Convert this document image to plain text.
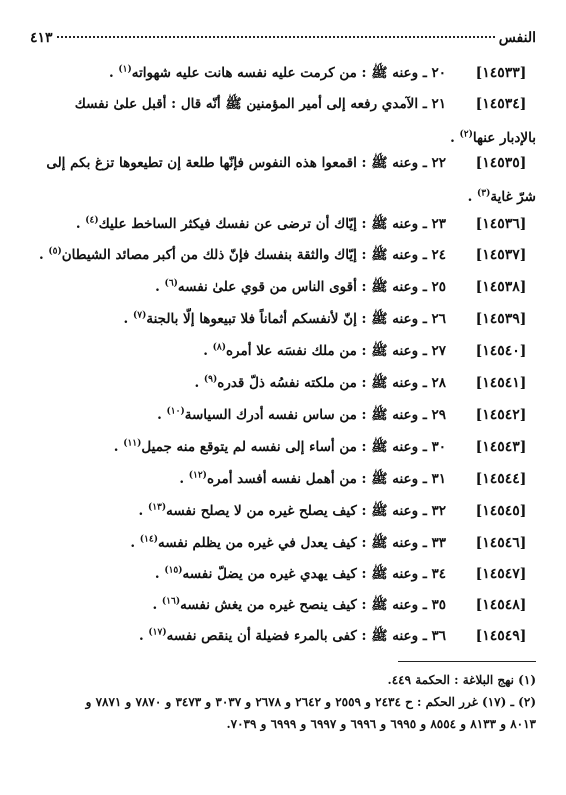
النفس
٤١٣
[١٤٥٣٣]
٢٠ ـ وعنه ﷺ : من كرمت عليه نفسه هانت عليه شهواته$^{(١)}$ .
[١٤٥٣٤]
٢١ ـ الآمدي رفعه إلى أمير المؤمنين ﷺ أنّه قال : أقبل علىٰ نفسك
بالإدبار عنها$^{(٢)}$ .
[١٤٥٣٥]
٢٢ ـ وعنه ﷺ : اقمعوا هذه النفوس فإنّها طلعة إن تطيعوها تزغ بكم إلى
شرّ غاية$^{(٣)}$ .
[١٤٥٣٦]
٢٣ ـ وعنه ﷺ : إيّاك أن ترضى عن نفسك فيكثر الساخط عليك$^{(٤)}$ .
[١٤٥٣٧]
٢٤ ـ وعنه ﷺ : إيّاك والثقة بنفسك فإنّ ذلك من أكبر مصائد الشيطان$^{(٥)}$ .
[١٤٥٣٨]
٢٥ ـ وعنه ﷺ : أقوى الناس من قوي علىٰ نفسه$^{(٦)}$ .
[١٤٥٣٩]
٢٦ ـ وعنه ﷺ : إنّ لأنفسكم أثماناً فلا تبيعوها إلّا بالجنة$^{(٧)}$ .
[١٤٥٤٠]
٢٧ ـ وعنه ﷺ : من ملك نفسَه علا أمره$^{(٨)}$ .
[١٤٥٤١]
٢٨ ـ وعنه ﷺ : من ملكته نفسُه ذلّ قدره$^{(٩)}$ .
[١٤٥٤٢]
٢٩ ـ وعنه ﷺ : من ساس نفسه أدرك السياسة$^{(١٠)}$ .
[١٤٥٤٣]
٣٠ ـ وعنه ﷺ : من أساء إلى نفسه لم يتوقع منه جميل$^{(١١)}$ .
[١٤٥٤٤]
٣١ ـ وعنه ﷺ : من أهمل نفسه أفسد أمره$^{(١٢)}$ .
[١٤٥٤٥]
٣٢ ـ وعنه ﷺ : كيف يصلح غيره من لا يصلح نفسه$^{(١٣)}$ .
[١٤٥٤٦]
٣٣ ـ وعنه ﷺ : كيف يعدل في غيره من يظلم نفسه$^{(١٤)}$ .
[١٤٥٤٧]
٣٤ ـ وعنه ﷺ : كيف يهدي غيره من يضلّ نفسه$^{(١٥)}$ .
[١٤٥٤٨]
٣٥ ـ وعنه ﷺ : كيف ينصح غيره من يغش نفسه$^{(١٦)}$ .
[١٤٥٤٩]
٣٦ ـ وعنه ﷺ : كفى بالمرء فضيلة أن ينقص نفسه$^{(١٧)}$ .
(١) نهج البلاغة : الحكمة ٤٤٩.
(٢) ـ (١٧) غرر الحكم : ح ٢٤٣٤ و ٢٥٥٩ و ٢٦٤٢ و ٢٦٧٨ و ٣٠٣٧ و ٣٤٧٣ و ٧٨٧٠ و ٧٨٧١ و
٨٠١٣ و ٨١٣٣ و ٨٥٥٤ و ٦٩٩٥ و ٦٩٩٦ و ٦٩٩٧ و ٦٩٩٩ و ٧٠٣٩.
